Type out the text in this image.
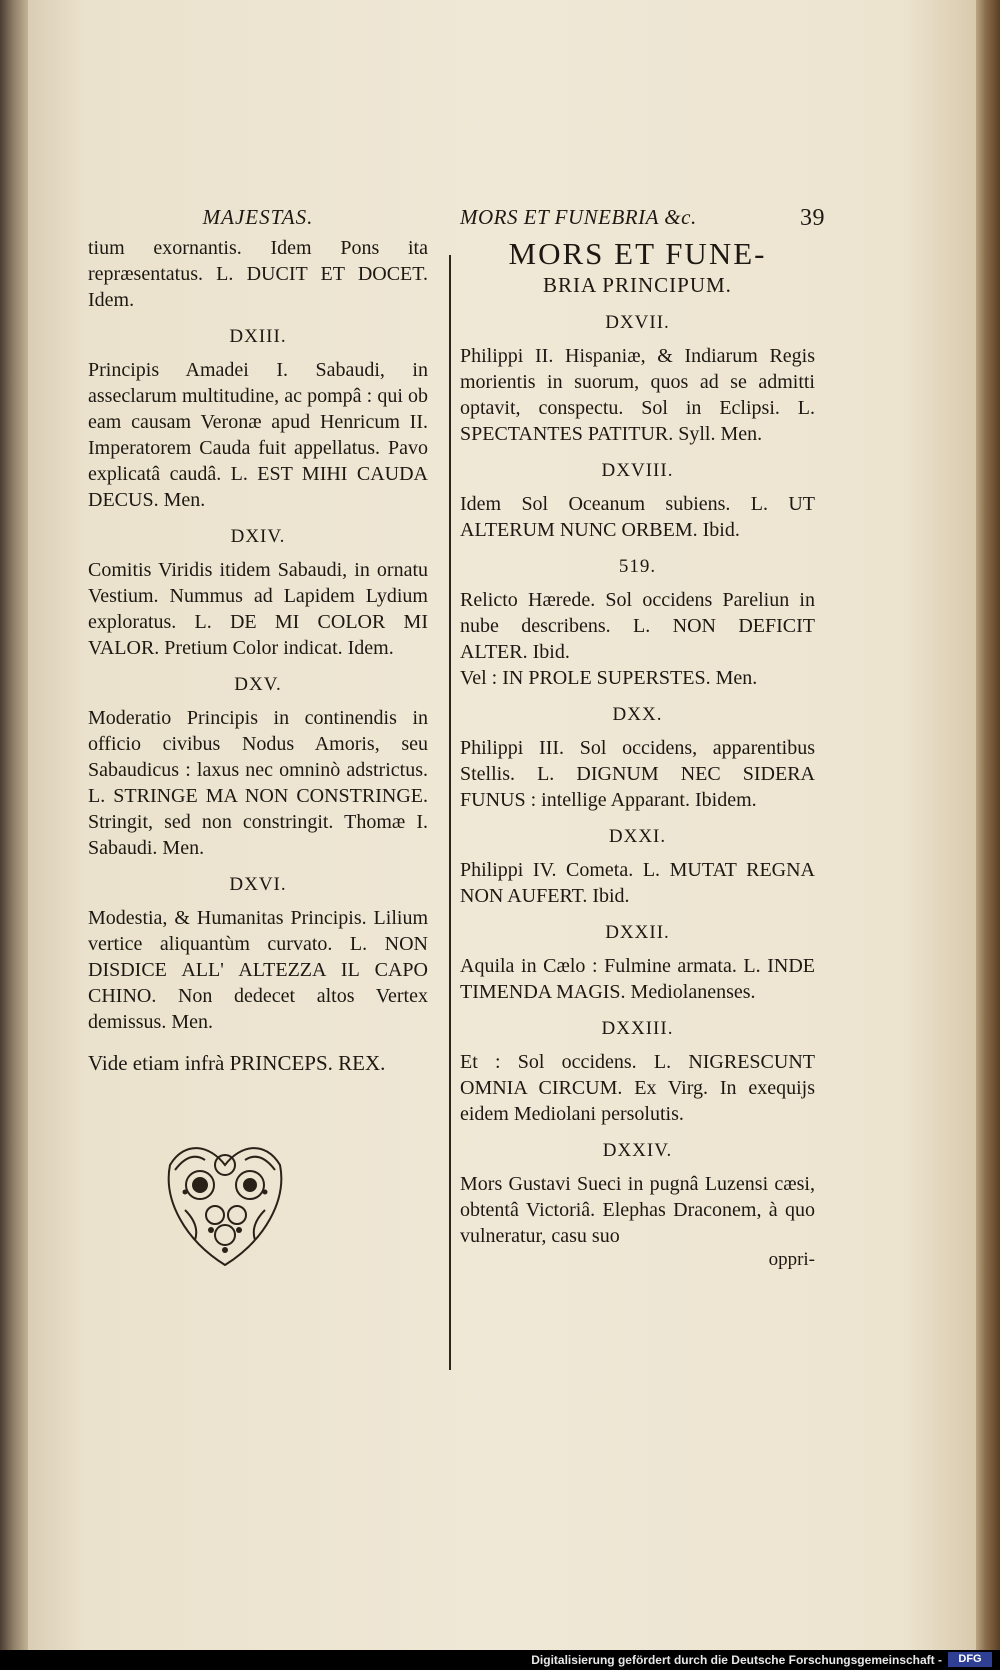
MAJESTAS.

tium exornantis. Idem Pons ita repræsentatus. L. DUCIT ET DOCET. Idem.

DXIII.

Principis Amadei I. Sabaudi, in asseclarum multitudine, ac pompâ : qui ob eam causam Veronæ apud Henricum II. Imperatorem Cauda fuit appellatus. Pavo explicatâ caudâ. L. EST MIHI CAUDA DECUS. Men.

DXIV.

Comitis Viridis itidem Sabaudi, in ornatu Vestium. Nummus ad Lapidem Lydium exploratus. L. DE MI COLOR MI VALOR. Pretium Color indicat. Idem.

DXV.

Moderatio Principis in continendis in officio civibus Nodus Amoris, seu Sabaudicus : laxus nec omninò adstrictus. L. STRINGE MA NON CONSTRINGE. Stringit, sed non constringit. Thomæ I. Sabaudi. Men.

DXVI.

Modestia, & Humanitas Principis. Lilium vertice aliquantùm curvato. L. NON DISDICE ALL' ALTEZZA IL CAPO CHINO. Non dedecet altos Vertex demissus. Men.

Vide etiam infrà PRINCEPS. REX.
MORS ET FUNEBRIA &c.	39
MORS ET FUNE-
BRIA PRINCIPUM.
DXVII.

Philippi II. Hispaniæ, & Indiarum Regis morientis in suorum, quos ad se admitti optavit, conspectu. Sol in Eclipsi. L. SPECTANTES PATITUR. Syll. Men.

DXVIII.

Idem Sol Oceanum subiens. L. UT ALTERUM NUNC ORBEM. Ibid.

519.

Relicto Hærede. Sol occidens Pareliun in nube describens. L. NON DEFICIT ALTER. Ibid.

Vel : IN PROLE SUPERSTES. Men.

DXX.

Philippi III. Sol occidens, apparentibus Stellis. L. DIGNUM NEC SIDERA FUNUS : intellige Apparant. Ibidem.

DXXI.

Philippi IV. Cometa. L. MUTAT REGNA NON AUFERT. Ibid.

DXXII.

Aquila in Cælo : Fulmine armata. L. INDE TIMENDA MAGIS. Mediolanenses.

DXXIII.

Et : Sol occidens. L. NIGRESCUNT OMNIA CIRCUM. Ex Virg. In exequijs eidem Mediolani persolutis.

DXXIV.

Mors Gustavi Sueci in pugnâ Luzensi cæsi, obtentâ Victoriâ. Elephas Draconem, à quo vulneratur, casu suo

oppri-

Digitalisierung gefördert durch die Deutsche Forschungsgemeinschaft -	DFG
